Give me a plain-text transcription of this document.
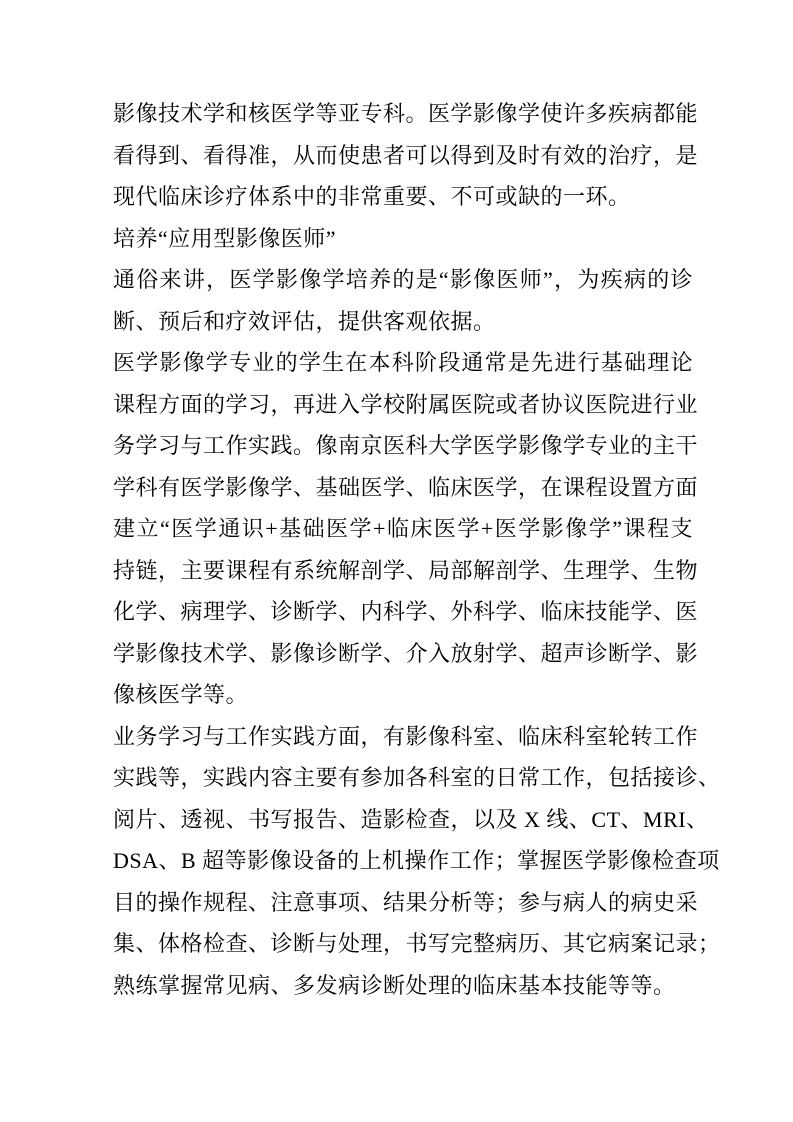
影像技术学和核医学等亚专科。医学影像学使许多疾病都能
看得到、看得准，从而使患者可以得到及时有效的治疗，是
现代临床诊疗体系中的非常重要、不可或缺的一环。
培养“应用型影像医师”
通俗来讲，医学影像学培养的是“影像医师”，为疾病的诊
断、预后和疗效评估，提供客观依据。
医学影像学专业的学生在本科阶段通常是先进行基础理论
课程方面的学习，再进入学校附属医院或者协议医院进行业
务学习与工作实践。像南京医科大学医学影像学专业的主干
学科有医学影像学、基础医学、临床医学，在课程设置方面
建立“医学通识+基础医学+临床医学+医学影像学”课程支
持链，主要课程有系统解剖学、局部解剖学、生理学、生物
化学、病理学、诊断学、内科学、外科学、临床技能学、医
学影像技术学、影像诊断学、介入放射学、超声诊断学、影
像核医学等。
业务学习与工作实践方面，有影像科室、临床科室轮转工作
实践等，实践内容主要有参加各科室的日常工作，包括接诊、
阅片、透视、书写报告、造影检查，以及 X 线、CT、MRI、
DSA、B 超等影像设备的上机操作工作；掌握医学影像检查项
目的操作规程、注意事项、结果分析等；参与病人的病史采
集、体格检查、诊断与处理，书写完整病历、其它病案记录；
熟练掌握常见病、多发病诊断处理的临床基本技能等等。
